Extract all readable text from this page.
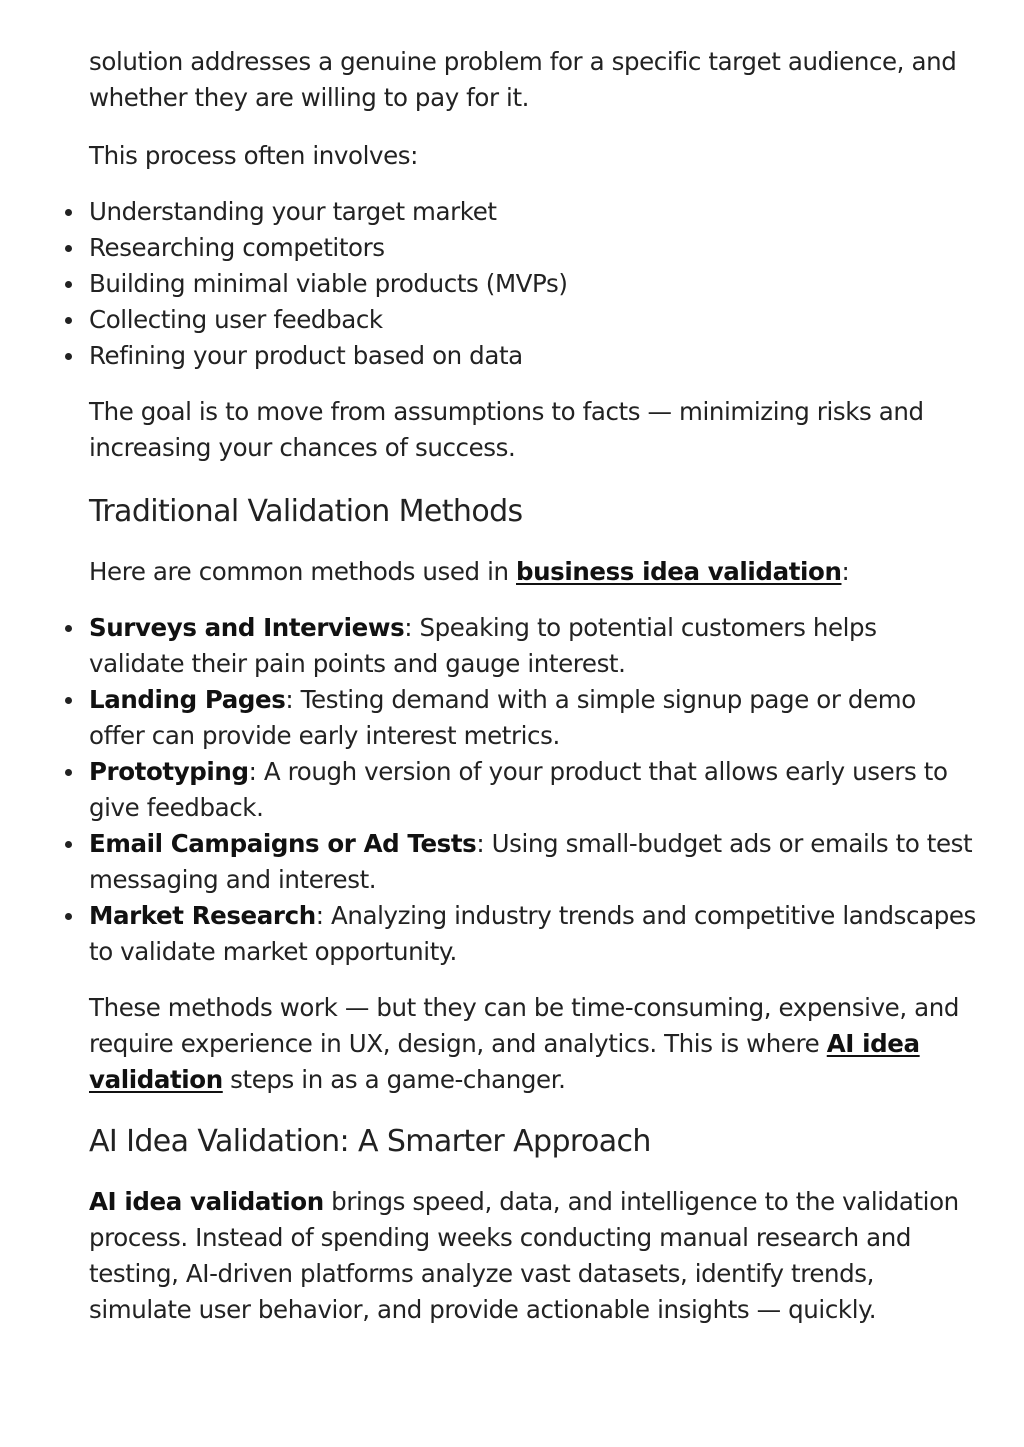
solution addresses a genuine problem for a specific target audience, and whether they are willing to pay for it.

This process often involves:

Understanding your target market
Researching competitors
Building minimal viable products (MVPs)
Collecting user feedback
Refining your product based on data

The goal is to move from assumptions to facts — minimizing risks and increasing your chances of success.

Traditional Validation Methods

Here are common methods used in business idea validation:

Surveys and Interviews: Speaking to potential customers helps validate their pain points and gauge interest.
Landing Pages: Testing demand with a simple signup page or demo offer can provide early interest metrics.
Prototyping: A rough version of your product that allows early users to give feedback.
Email Campaigns or Ad Tests: Using small-budget ads or emails to test messaging and interest.
Market Research: Analyzing industry trends and competitive landscapes to validate market opportunity.

These methods work — but they can be time-consuming, expensive, and require experience in UX, design, and analytics. This is where AI idea validation steps in as a game-changer.

AI Idea Validation: A Smarter Approach

AI idea validation brings speed, data, and intelligence to the validation process. Instead of spending weeks conducting manual research and testing, AI-driven platforms analyze vast datasets, identify trends, simulate user behavior, and provide actionable insights — quickly.
